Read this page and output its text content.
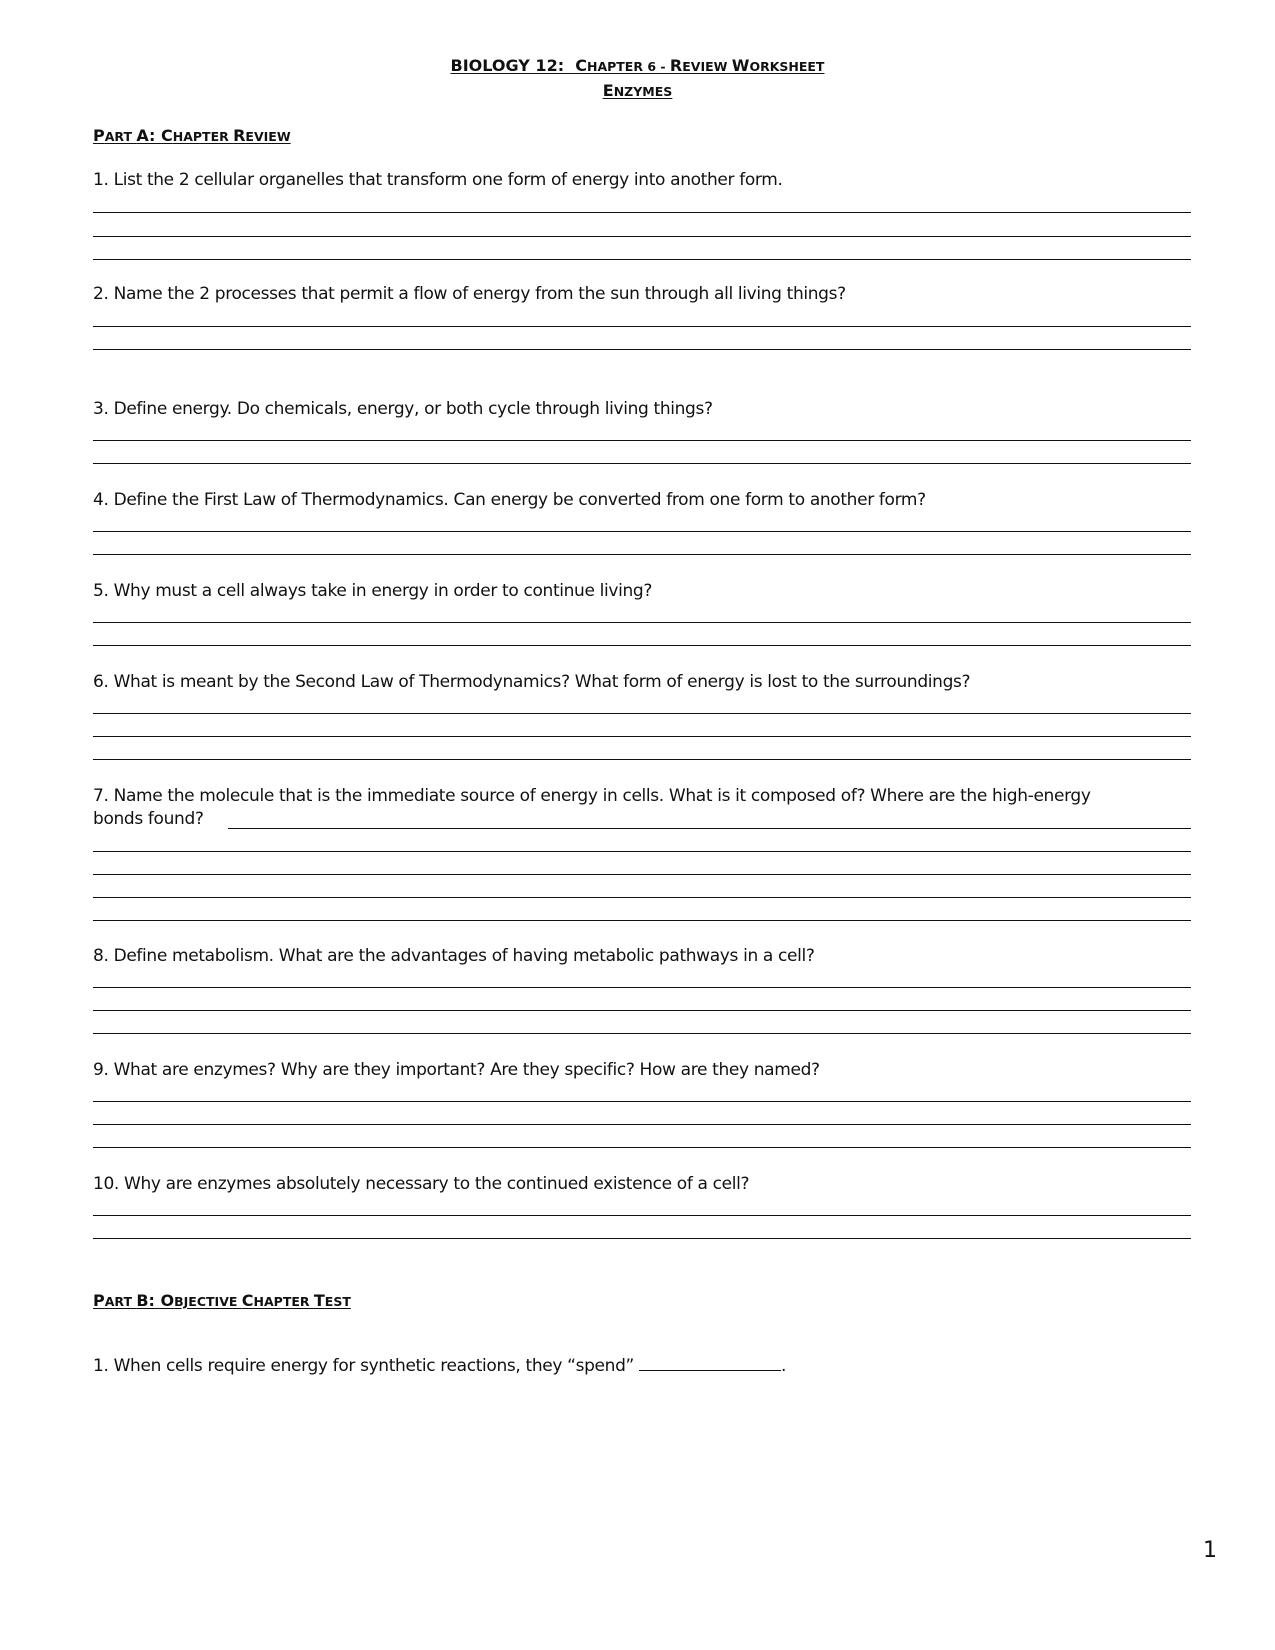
BIOLOGY 12: CHAPTER 6 - REVIEW WORKSHEET
ENZYMES
PART A: CHAPTER REVIEW
1. List the 2 cellular organelles that transform one form of energy into another form.
2. Name the 2 processes that permit a flow of energy from the sun through all living things?
3. Define energy. Do chemicals, energy, or both cycle through living things?
4. Define the First Law of Thermodynamics. Can energy be converted from one form to another form?
5. Why must a cell always take in energy in order to continue living?
6. What is meant by the Second Law of Thermodynamics? What form of energy is lost to the surroundings?
7. Name the molecule that is the immediate source of energy in cells. What is it composed of? Where are the high-energy
bonds found?
8. Define metabolism. What are the advantages of having metabolic pathways in a cell?
9. What are enzymes? Why are they important? Are they specific? How are they named?
10. Why are enzymes absolutely necessary to the continued existence of a cell?
PART B: OBJECTIVE CHAPTER TEST
1. When cells require energy for synthetic reactions, they “spend”	.
1
